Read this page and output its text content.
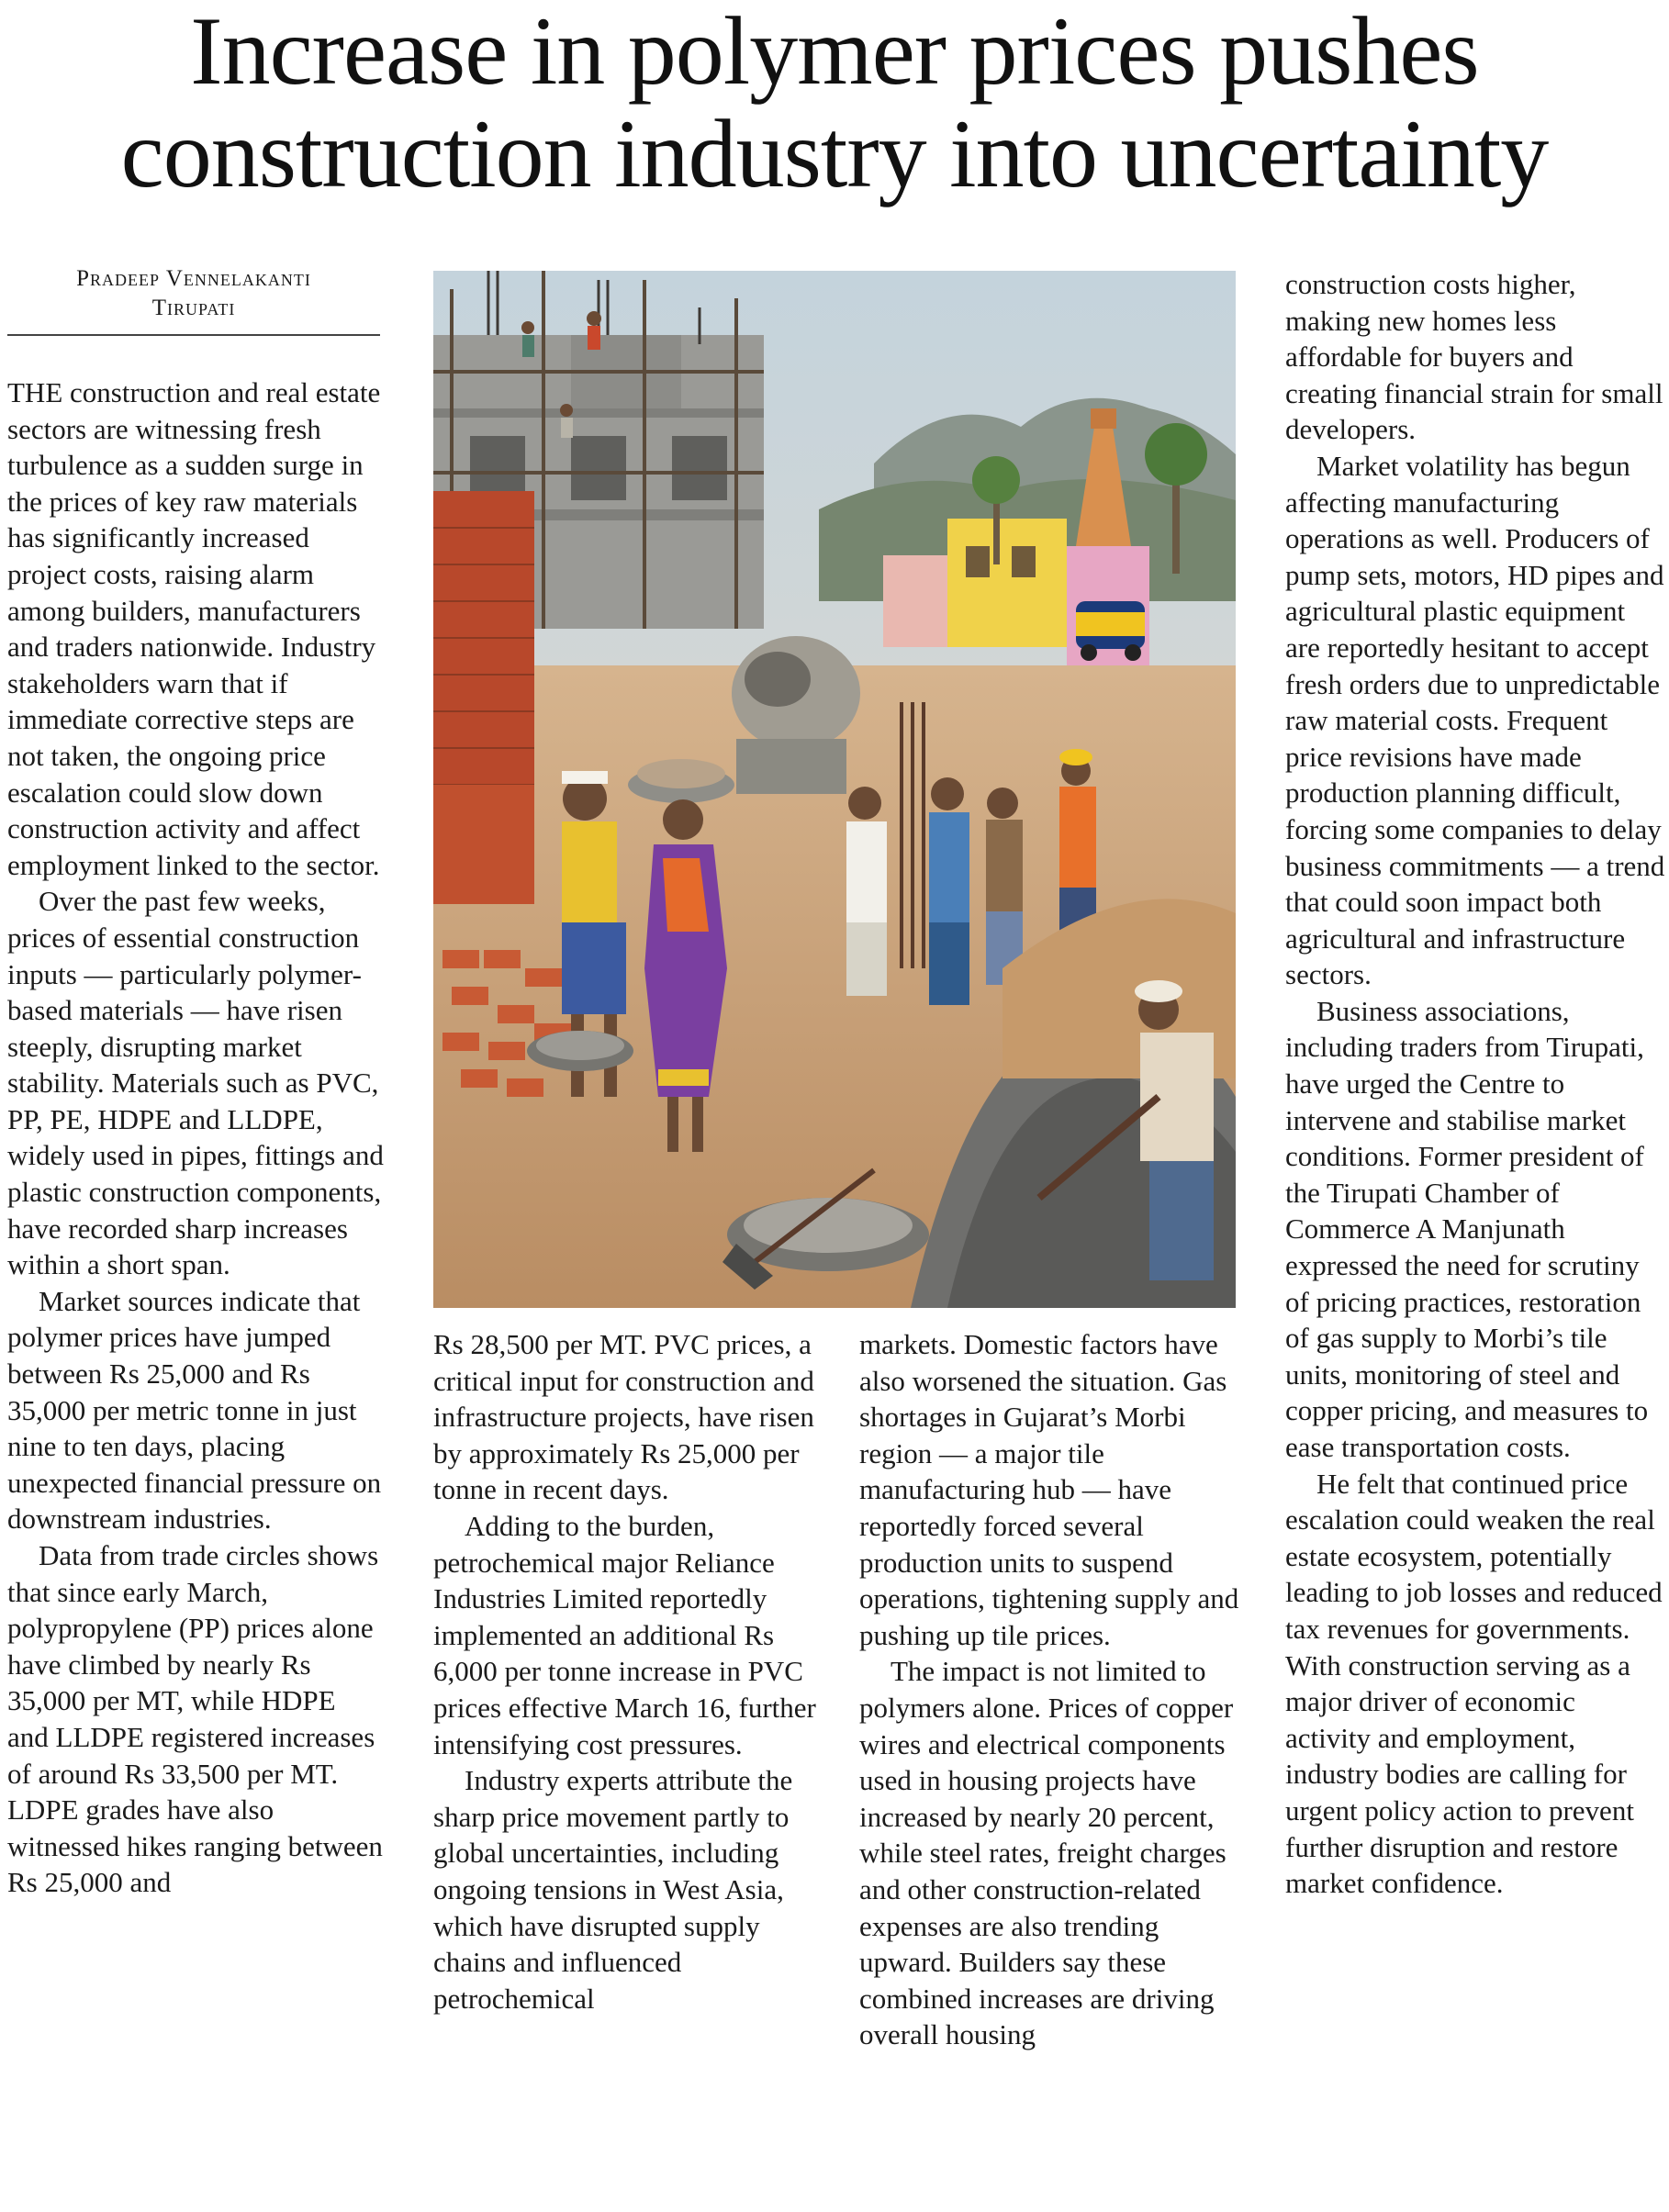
Increase in polymer prices pushes
construction industry into uncertainty
Pradeep Vennelakanti
Tirupati

THE construction and real estate sectors are witnessing fresh turbulence as a sudden surge in the prices of key raw materials has significantly increased project costs, raising alarm among builders, manufacturers and traders nationwide. Industry stakeholders warn that if immediate corrective steps are not taken, the ongoing price escalation could slow down construction activity and affect employment linked to the sector.

Over the past few weeks, prices of essential construction inputs — particularly polymer-based materials — have risen steeply, disrupting market stability. Materials such as PVC, PP, PE, HDPE and LLDPE, widely used in pipes, fittings and plastic construction components, have recorded sharp increases within a short span.

Market sources indicate that polymer prices have jumped between Rs 25,000 and Rs 35,000 per metric tonne in just nine to ten days, placing unexpected financial pressure on downstream industries.

Data from trade circles shows that since early March, polypropylene (PP) prices alone have climbed by nearly Rs 35,000 per MT, while HDPE and LLDPE registered increases of around Rs 33,500 per MT. LDPE grades have also witnessed hikes ranging between Rs 25,000 and

Rs 28,500 per MT. PVC prices, a critical input for construction and infrastructure projects, have risen by approximately Rs 25,000 per tonne in recent days.

Adding to the burden, petrochemical major Reliance Industries Limited reportedly implemented an additional Rs 6,000 per tonne increase in PVC prices effective March 16, further intensifying cost pressures.

Industry experts attribute the sharp price movement partly to global uncertainties, including ongoing tensions in West Asia, which have disrupted supply chains and influenced petrochemical

markets. Domestic factors have also worsened the situation. Gas shortages in Gujarat’s Morbi region — a major tile manufacturing hub — have reportedly forced several production units to suspend operations, tightening supply and pushing up tile prices.

The impact is not limited to polymers alone. Prices of copper wires and electrical components used in housing projects have increased by nearly 20 percent, while steel rates, freight charges and other construction-related expenses are also trending upward. Builders say these combined increases are driving overall housing

construction costs higher, making new homes less affordable for buyers and creating financial strain for small developers.

Market volatility has begun affecting manufacturing operations as well. Producers of pump sets, motors, HD pipes and agricultural plastic equipment are reportedly hesitant to accept fresh orders due to unpredictable raw material costs. Frequent price revisions have made production planning difficult, forcing some companies to delay business commitments — a trend that could soon impact both agricultural and infrastructure sectors.

Business associations, including traders from Tirupati, have urged the Centre to intervene and stabilise market conditions. Former president of the Tirupati Chamber of Commerce A Manjunath expressed the need for scrutiny of pricing practices, restoration of gas supply to Morbi’s tile units, monitoring of steel and copper pricing, and measures to ease transportation costs.

He felt that continued price escalation could weaken the real estate ecosystem, potentially leading to job losses and reduced tax revenues for governments. With construction serving as a major driver of economic activity and employment, industry bodies are calling for urgent policy action to prevent further disruption and restore market confidence.
